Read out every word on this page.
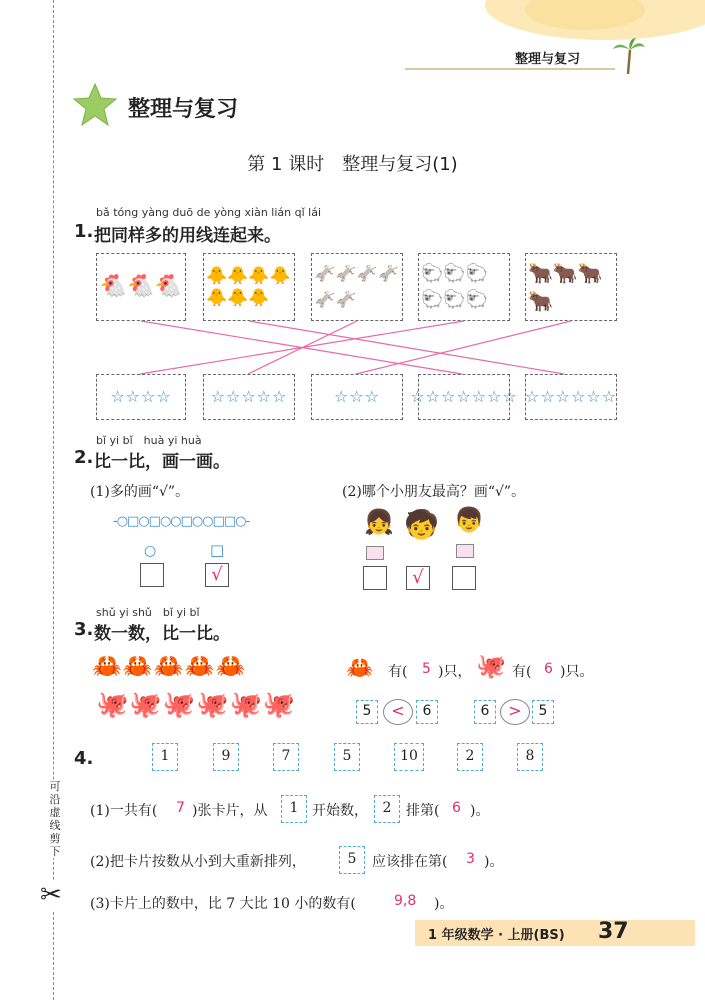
整理与复习
可沿虚线剪下
✂
整理与复习
第 1 课时　整理与复习(1)
bǎ tóng yàng duō de yòng xiàn lián qǐ lái
1. 把同样多的用线连起来。
🐔🐔🐔 🐥🐥🐥🐥🐥🐥🐥
🫏🫏🫏🫏🫏🫏
🐑🐑🐑🐑🐑🐑
🐂🐂🐂🐂
☆☆☆☆	☆☆☆☆☆	☆☆☆	☆☆☆☆☆☆☆ ☆☆☆☆☆☆
bǐ yi bǐ　huà yi huà
2. 比一比，画一画。
(1)多的画“√”。	(2)哪个小朋友最高？画“√”。
-○□○□○○□○○□□○-
○	□
√
👧 🧒 👦
√
shǔ yi shǔ　bǐ yi bǐ
3. 数一数，比一比。
🦀🦀🦀🦀🦀
🐙🐙🐙🐙🐙🐙
🦀 有( 5 )只， 🐙 有( 6 )只。
5	<	6	6	>	5
4.	1	9	7	5	10	2	8
(1)一共有( 7 )张卡片，从	1 开始数，	2	排第( 6 )。
(2)把卡片按数从小到大重新排列，	5	应该排在第( 3 )。
(3)卡片上的数中，比 7 大比 10 小的数有(	9,8 )。
1 年级数学 · 上册(BS) 37
